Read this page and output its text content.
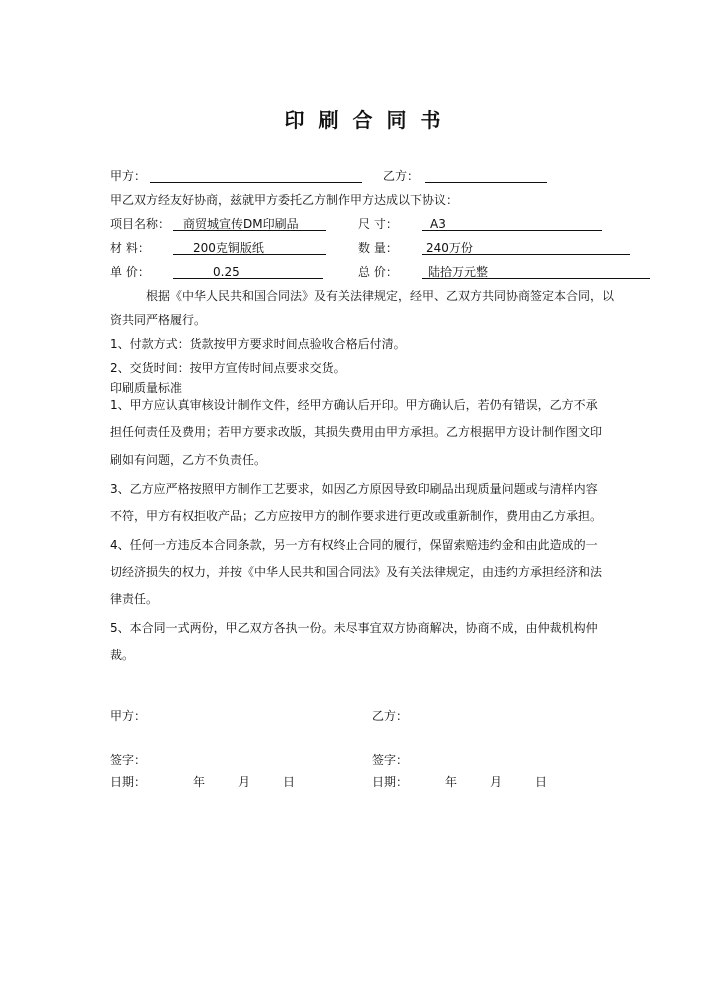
印刷合同书
甲方：	乙方：
甲乙双方经友好协商，兹就甲方委托乙方制作甲方达成以下协议：
项目名称： 商贸城宣传DM印刷品	尺 寸：	A3
材 料：	200克铜版纸	数 量： 240万份
单 价：	0.25	总 价：	陆拾万元整
根据《中华人民共和国合同法》及有关法律规定，经甲、乙双方共同协商签定本合同，以
资共同严格履行。
1、付款方式：货款按甲方要求时间点验收合格后付清。
2、交货时间：按甲方宣传时间点要求交货。
印刷质量标准
1、甲方应认真审核设计制作文件，经甲方确认后开印。甲方确认后，若仍有错误，乙方不承
担任何责任及费用；若甲方要求改版，其损失费用由甲方承担。乙方根据甲方设计制作图文印
刷如有问题，乙方不负责任。
3、乙方应严格按照甲方制作工艺要求，如因乙方原因导致印刷品出现质量问题或与清样内容
不符，甲方有权拒收产品；乙方应按甲方的制作要求进行更改或重新制作，费用由乙方承担。
4、任何一方违反本合同条款，另一方有权终止合同的履行，保留索赔违约金和由此造成的一
切经济损失的权力，并按《中华人民共和国合同法》及有关法律规定，由违约方承担经济和法
律责任。
5、本合同一式两份，甲乙双方各执一份。未尽事宜双方协商解决，协商不成，由仲裁机构仲
裁。
甲方：	乙方：
签字：	签字：
日期：	年	月	日	日期：	年	月	日
